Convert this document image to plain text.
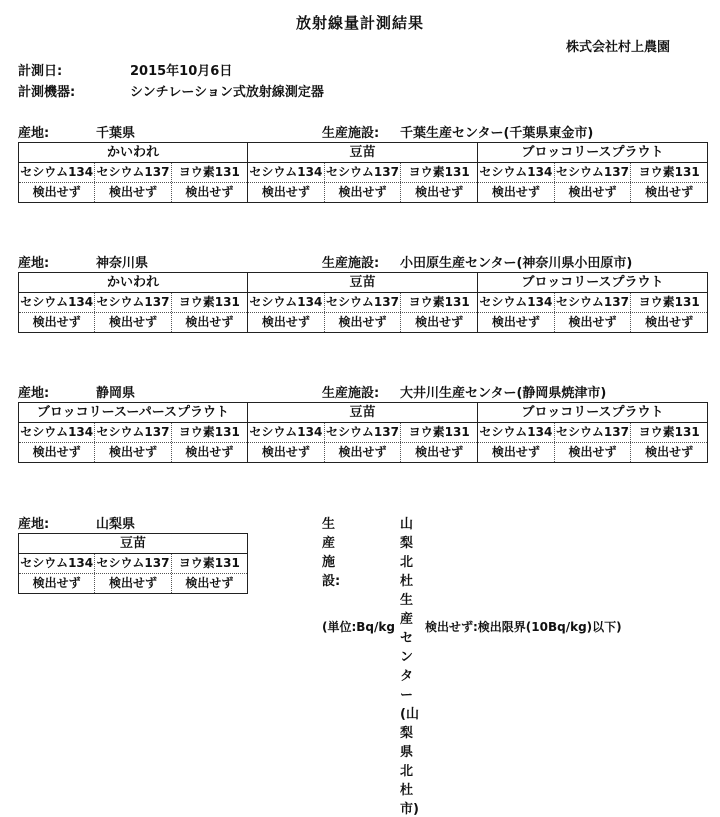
放射線量計測結果
株式会社村上農園
計測日:	2015年10月6日
計測機器:	シンチレーション式放射線測定器
産地:	千葉県	生産施設: 千葉生産センター(千葉県東金市)
かいわれ
セシウム134 セシウム137 ヨウ素131
検出せず	検出せず	検出せず
豆苗
セシウム134 セシウム137 ヨウ素131
検出せず	検出せず	検出せず
ブロッコリースプラウト
セシウム134 セシウム137 ヨウ素131
検出せず	検出せず	検出せず
産地:	神奈川県	生産施設: 小田原生産センター(神奈川県小田原市)
かいわれ
セシウム134 セシウム137 ヨウ素131
検出せず	検出せず	検出せず
豆苗
セシウム134 セシウム137 ヨウ素131
検出せず	検出せず	検出せず
ブロッコリースプラウト
セシウム134 セシウム137 ヨウ素131
検出せず	検出せず	検出せず
産地:	静岡県	生産施設: 大井川生産センター(静岡県焼津市)
ブロッコリースーパースプラウト
セシウム134 セシウム137 ヨウ素131
検出せず	検出せず	検出せず
豆苗
セシウム134 セシウム137 ヨウ素131
検出せず	検出せず	検出せず
ブロッコリースプラウト
セシウム134 セシウム137 ヨウ素131
検出せず	検出せず	検出せず
産地:	山梨県	生産施設:
山梨北杜生産センター(山梨県北杜市)
豆苗
セシウム134 セシウム137 ヨウ素131
検出せず	検出せず	検出せず
(単位:Bq/kg	検出せず:検出限界(10Bq/kg)以下)
